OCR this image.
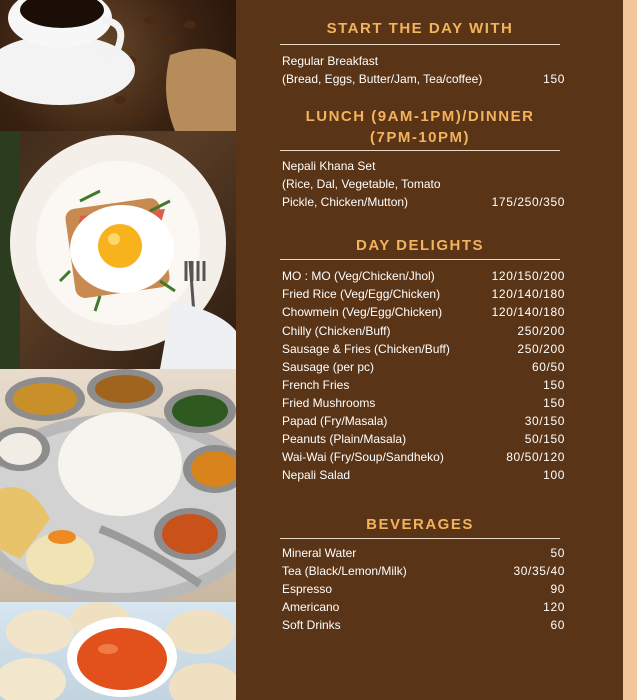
START THE DAY WITH
Regular Breakfast
(Bread, Eggs, Butter/Jam, Tea/coffee)	150
LUNCH (9AM-1PM)/DINNER
(7PM-10PM)
Nepali Khana Set
(Rice, Dal, Vegetable, Tomato
Pickle, Chicken/Mutton)	175/250/350
DAY DELIGHTS
MO : MO (Veg/Chicken/Jhol)	120/150/200
Fried Rice (Veg/Egg/Chicken)	120/140/180
Chowmein (Veg/Egg/Chicken)	120/140/180
Chilly (Chicken/Buff)	250/200
Sausage & Fries (Chicken/Buff)	250/200
Sausage (per pc)	60/50
French Fries	150
Fried Mushrooms	150
Papad (Fry/Masala)	30/150
Peanuts (Plain/Masala)	50/150
Wai-Wai (Fry/Soup/Sandheko)	80/50/120
Nepali Salad	100
BEVERAGES
Mineral Water	50
Tea (Black/Lemon/Milk)	30/35/40
Espresso	90
Americano	120
Soft Drinks	60
